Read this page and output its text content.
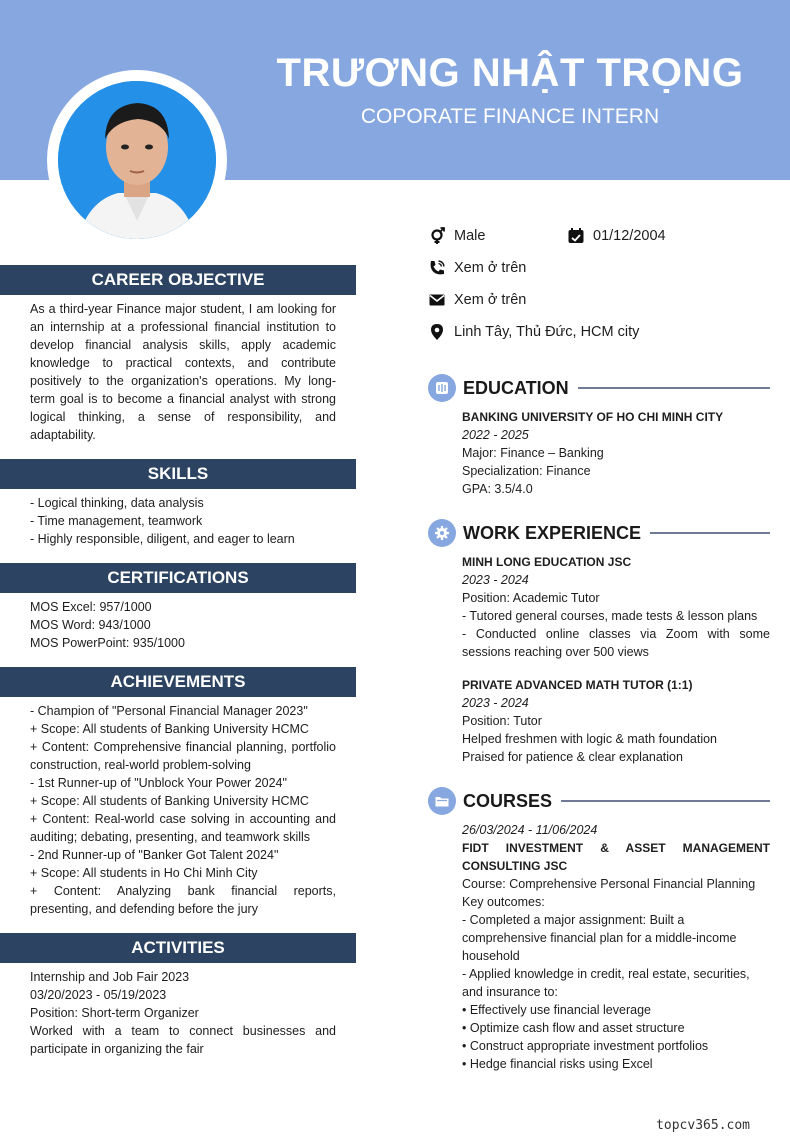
TRƯƠNG NHẬT TRỌNG
COPORATE FINANCE INTERN
CAREER OBJECTIVE
As a third-year Finance major student, I am looking for an internship at a professional financial institution to develop financial analysis skills, apply academic knowledge to practical contexts, and contribute positively to the organization's operations. My long-term goal is to become a financial analyst with strong logical thinking, a sense of responsibility, and adaptability.
SKILLS
- Logical thinking, data analysis
- Time management, teamwork
- Highly responsible, diligent, and eager to learn
CERTIFICATIONS
MOS Excel: 957/1000
MOS Word: 943/1000
MOS PowerPoint: 935/1000
ACHIEVEMENTS
- Champion of "Personal Financial Manager 2023"
+ Scope: All students of Banking University HCMC
+ Content: Comprehensive financial planning, portfolio construction, real-world problem-solving
- 1st Runner-up of "Unblock Your Power 2024"
+ Scope: All students of Banking University HCMC
+ Content: Real-world case solving in accounting and auditing; debating, presenting, and teamwork skills
- 2nd Runner-up of "Banker Got Talent 2024"
+ Scope: All students in Ho Chi Minh City
+ Content: Analyzing bank financial reports, presenting, and defending before the jury
ACTIVITIES
Internship and Job Fair 2023
03/20/2023 - 05/19/2023
Position: Short-term Organizer
Worked with a team to connect businesses and participate in organizing the fair
Male	01/12/2004
Xem ở trên
Xem ở trên
Linh Tây, Thủ Đức, HCM city
EDUCATION
BANKING UNIVERSITY OF HO CHI MINH CITY
2022 - 2025
Major: Finance – Banking
Specialization: Finance
GPA: 3.5/4.0
WORK EXPERIENCE
MINH LONG EDUCATION JSC
2023 - 2024
Position: Academic Tutor
- Tutored general courses, made tests & lesson plans
- Conducted online classes via Zoom with some sessions reaching over 500 views
PRIVATE ADVANCED MATH TUTOR (1:1)
2023 - 2024
Position: Tutor
Helped freshmen with logic & math foundation
Praised for patience & clear explanation
COURSES
26/03/2024 - 11/06/2024
FIDT INVESTMENT & ASSET MANAGEMENT CONSULTING JSC
Course: Comprehensive Personal Financial Planning
Key outcomes:
- Completed a major assignment: Built a comprehensive financial plan for a middle-income household
- Applied knowledge in credit, real estate, securities, and insurance to:
• Effectively use financial leverage
• Optimize cash flow and asset structure
• Construct appropriate investment portfolios
• Hedge financial risks using Excel
topcv365.com
